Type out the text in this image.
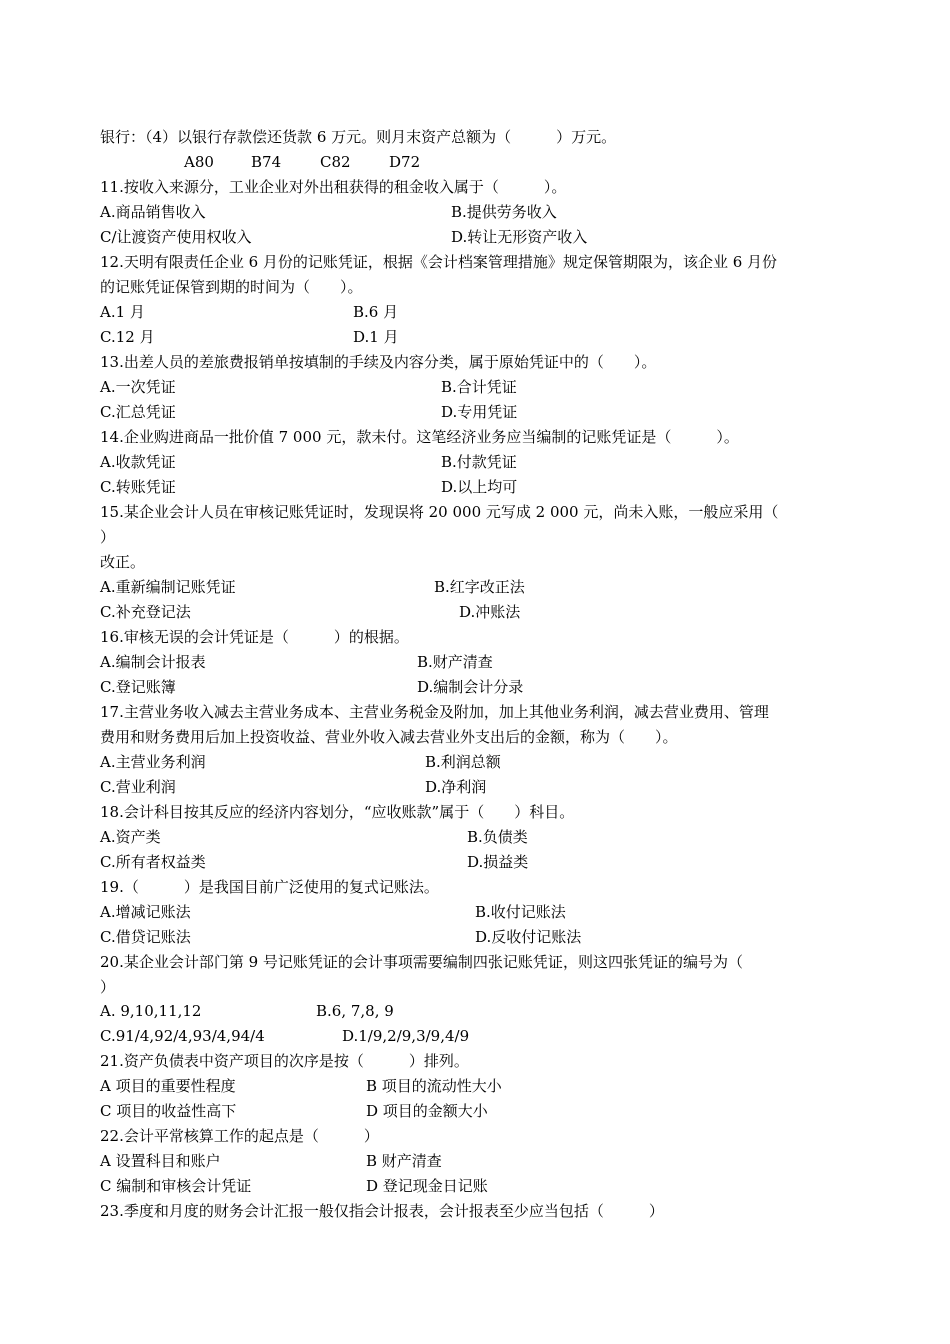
银行：（4）以银行存款偿还货款 6 万元。则月末资产总额为（　　　）万元。
A80 B74	C82	D72
11.按收入来源分，工业企业对外出租获得的租金收入属于（　　　）。
A.商品销售收入	B.提供劳务收入
C/让渡资产使用权收入	D.转让无形资产收入
12.天明有限责任企业 6 月份的记账凭证，根据《会计档案管理措施》规定保管期限为，该企业 6 月份
的记账凭证保管到期的时间为（　　）。
A.1 月	B.6 月
C.12 月	D.1 月
13.出差人员的差旅费报销单按填制的手续及内容分类，属于原始凭证中的（　　）。
A.一次凭证	B.合计凭证
C.汇总凭证	D.专用凭证
14.企业购进商品一批价值 7 000 元，款未付。这笔经济业务应当编制的记账凭证是（　　　）。
A.收款凭证	B.付款凭证
C.转账凭证	D.以上均可
15.某企业会计人员在审核记账凭证时，发现误将 20 000 元写成 2 000 元，尚未入账，一般应采用（
）
改正。
A.重新编制记账凭证	B.红字改正法
C.补充登记法	D.冲账法
16.审核无误的会计凭证是（　　　）的根据。
A.编制会计报表	B.财产清查
C.登记账簿	D.编制会计分录
17.主营业务收入减去主营业务成本、主营业务税金及附加，加上其他业务利润，减去营业费用、管理
费用和财务费用后加上投资收益、营业外收入减去营业外支出后的金额，称为（　　）。
A.主营业务利润	B.利润总额
C.营业利润	D.净利润
18.会计科目按其反应的经济内容划分，“应收账款”属于（　　）科目。
A.资产类	B.负债类
C.所有者权益类	D.损益类
19.（　　　）是我国目前广泛使用的复式记账法。
A.增减记账法	B.收付记账法
C.借贷记账法	D.反收付记账法
20.某企业会计部门第 9 号记账凭证的会计事项需要编制四张记账凭证，则这四张凭证的编号为（
）
A. 9,10,11,12	B.6, 7,8, 9
C.91/4,92/4,93/4,94/4	D.1/9,2/9,3/9,4/9
21.资产负债表中资产项目的次序是按（　　　）排列。
A 项目的重要性程度	B 项目的流动性大小
C 项目的收益性高下	D 项目的金额大小
22.会计平常核算工作的起点是（　　　）
A 设置科目和账户	B 财产清查
C 编制和审核会计凭证	D 登记现金日记账
23.季度和月度的财务会计汇报一般仅指会计报表，会计报表至少应当包括（　　　）
